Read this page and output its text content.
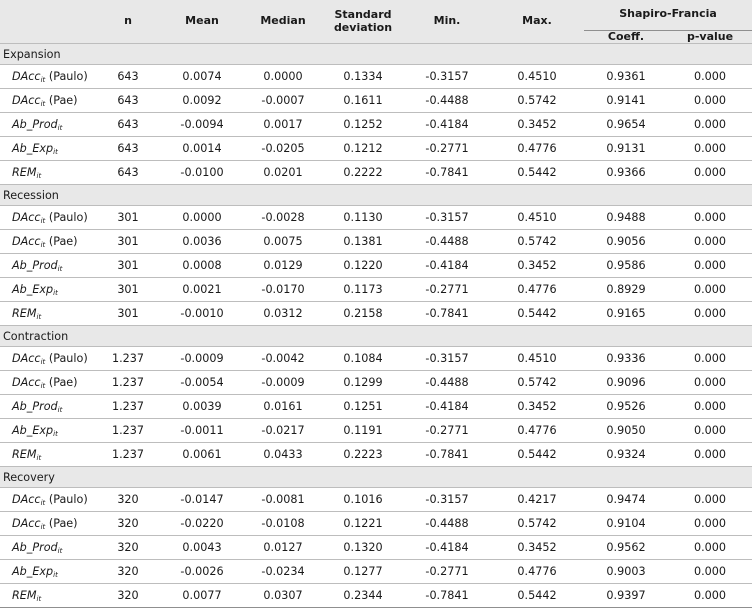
	n	Mean	Median	Standard deviation	Min.	Max.	Shapiro-Francia	
							Coeff.	p-value
Expansion								
DAcc$_{it}$ (Paulo)	643	0.0074	0.0000	0.1334	-0.3157	0.4510	0.9361	0.000
DAcc$_{it}$ (Pae)	643	0.0092	-0.0007	0.1611	-0.4488	0.5742	0.9141	0.000
Ab_Prod$_{it}$	643	-0.0094	0.0017	0.1252	-0.4184	0.3452	0.9654	0.000
Ab_Exp$_{it}$	643	0.0014	-0.0205	0.1212	-0.2771	0.4776	0.9131	0.000
$REM_{it}$	643	-0.0100	0.0201	0.2222	-0.7841	0.5442	0.9366	0.000
Recession								
DAcc$_{it}$ (Paulo)	301	0.0000	-0.0028	0.1130	-0.3157	0.4510	0.9488	0.000
DAcc$_{it}$ (Pae)	301	0.0036	0.0075	0.1381	-0.4488	0.5742	0.9056	0.000
Ab_Prod$_{it}$	301	0.0008	0.0129	0.1220	-0.4184	0.3452	0.9586	0.000
Ab_Exp$_{it}$	301	0.0021	-0.0170	0.1173	-0.2771	0.4776	0.8929	0.000
$REM_{it}$	301	-0.0010	0.0312	0.2158	-0.7841	0.5442	0.9165	0.000
Contraction								
DAcc$_{it}$ (Paulo)	1.237	-0.0009	-0.0042	0.1084	-0.3157	0.4510	0.9336	0.000
DAcc$_{it}$ (Pae)	1.237	-0.0054	-0.0009	0.1299	-0.4488	0.5742	0.9096	0.000
Ab_Prod$_{it}$	1.237	0.0039	0.0161	0.1251	-0.4184	0.3452	0.9526	0.000
Ab_Exp$_{it}$	1.237	-0.0011	-0.0217	0.1191	-0.2771	0.4776	0.9050	0.000
$REM_{it}$	1.237	0.0061	0.0433	0.2223	-0.7841	0.5442	0.9324	0.000
Recovery								
DAcc$_{it}$ (Paulo)	320	-0.0147	-0.0081	0.1016	-0.3157	0.4217	0.9474	0.000
DAcc$_{it}$ (Pae)	320	-0.0220	-0.0108	0.1221	-0.4488	0.5742	0.9104	0.000
Ab_Prod$_{it}$	320	0.0043	0.0127	0.1320	-0.4184	0.3452	0.9562	0.000
Ab_Exp$_{it}$	320	-0.0026	-0.0234	0.1277	-0.2771	0.4776	0.9003	0.000
$REM_{it}$	320	0.0077	0.0307	0.2344	-0.7841	0.5442	0.9397	0.000
